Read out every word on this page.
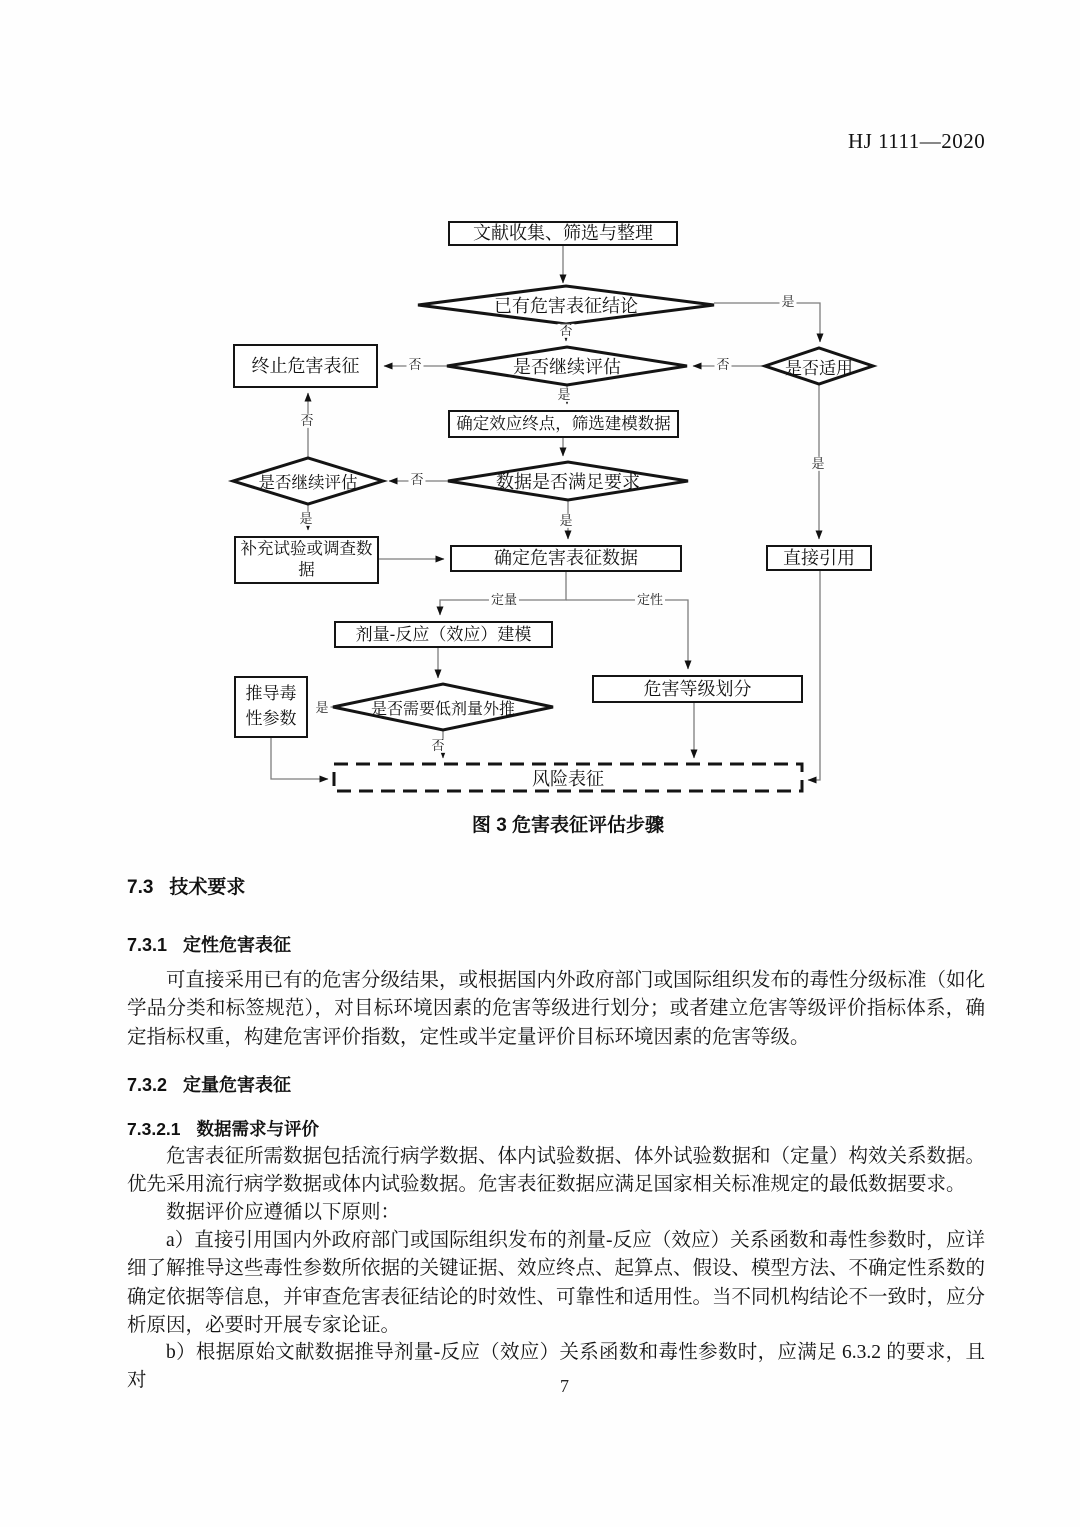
HJ 1111—2020
文献收集、筛选与整理
终止危害表征
确定效应终点，筛选建模数据
补充试验或调查数据
确定危害表征数据	直接引用
剂量-反应（效应）建模
推导毒性参数
危害等级划分
风险表征
已有危害表征结论
是否继续评估	是否适用
是否继续评估	数据是否满足要求
是否需要低剂量外推
是
否
否
否
是
否
否
是	是
是
定量	定性
是
否
图 3 危害表征评估步骤
7.3 技术要求
7.3.1 定性危害表征
可直接采用已有的危害分级结果，或根据国内外政府部门或国际组织发布的毒性分级标准（如化学品分类和标签规范），对目标环境因素的危害等级进行划分；或者建立危害等级评价指标体系，确定指标权重，构建危害评价指数，定性或半定量评价目标环境因素的危害等级。
7.3.2 定量危害表征
7.3.2.1 数据需求与评价
危害表征所需数据包括流行病学数据、体内试验数据、体外试验数据和（定量）构效关系数据。优先采用流行病学数据或体内试验数据。危害表征数据应满足国家相关标准规定的最低数据要求。
数据评价应遵循以下原则：
a）直接引用国内外政府部门或国际组织发布的剂量-反应（效应）关系函数和毒性参数时，应详细了解推导这些毒性参数所依据的关键证据、效应终点、起算点、假设、模型方法、不确定性系数的确定依据等信息，并审查危害表征结论的时效性、可靠性和适用性。当不同机构结论不一致时，应分析原因，必要时开展专家论证。
b）根据原始文献数据推导剂量-反应（效应）关系函数和毒性参数时，应满足 6.3.2 的要求，且对	7
